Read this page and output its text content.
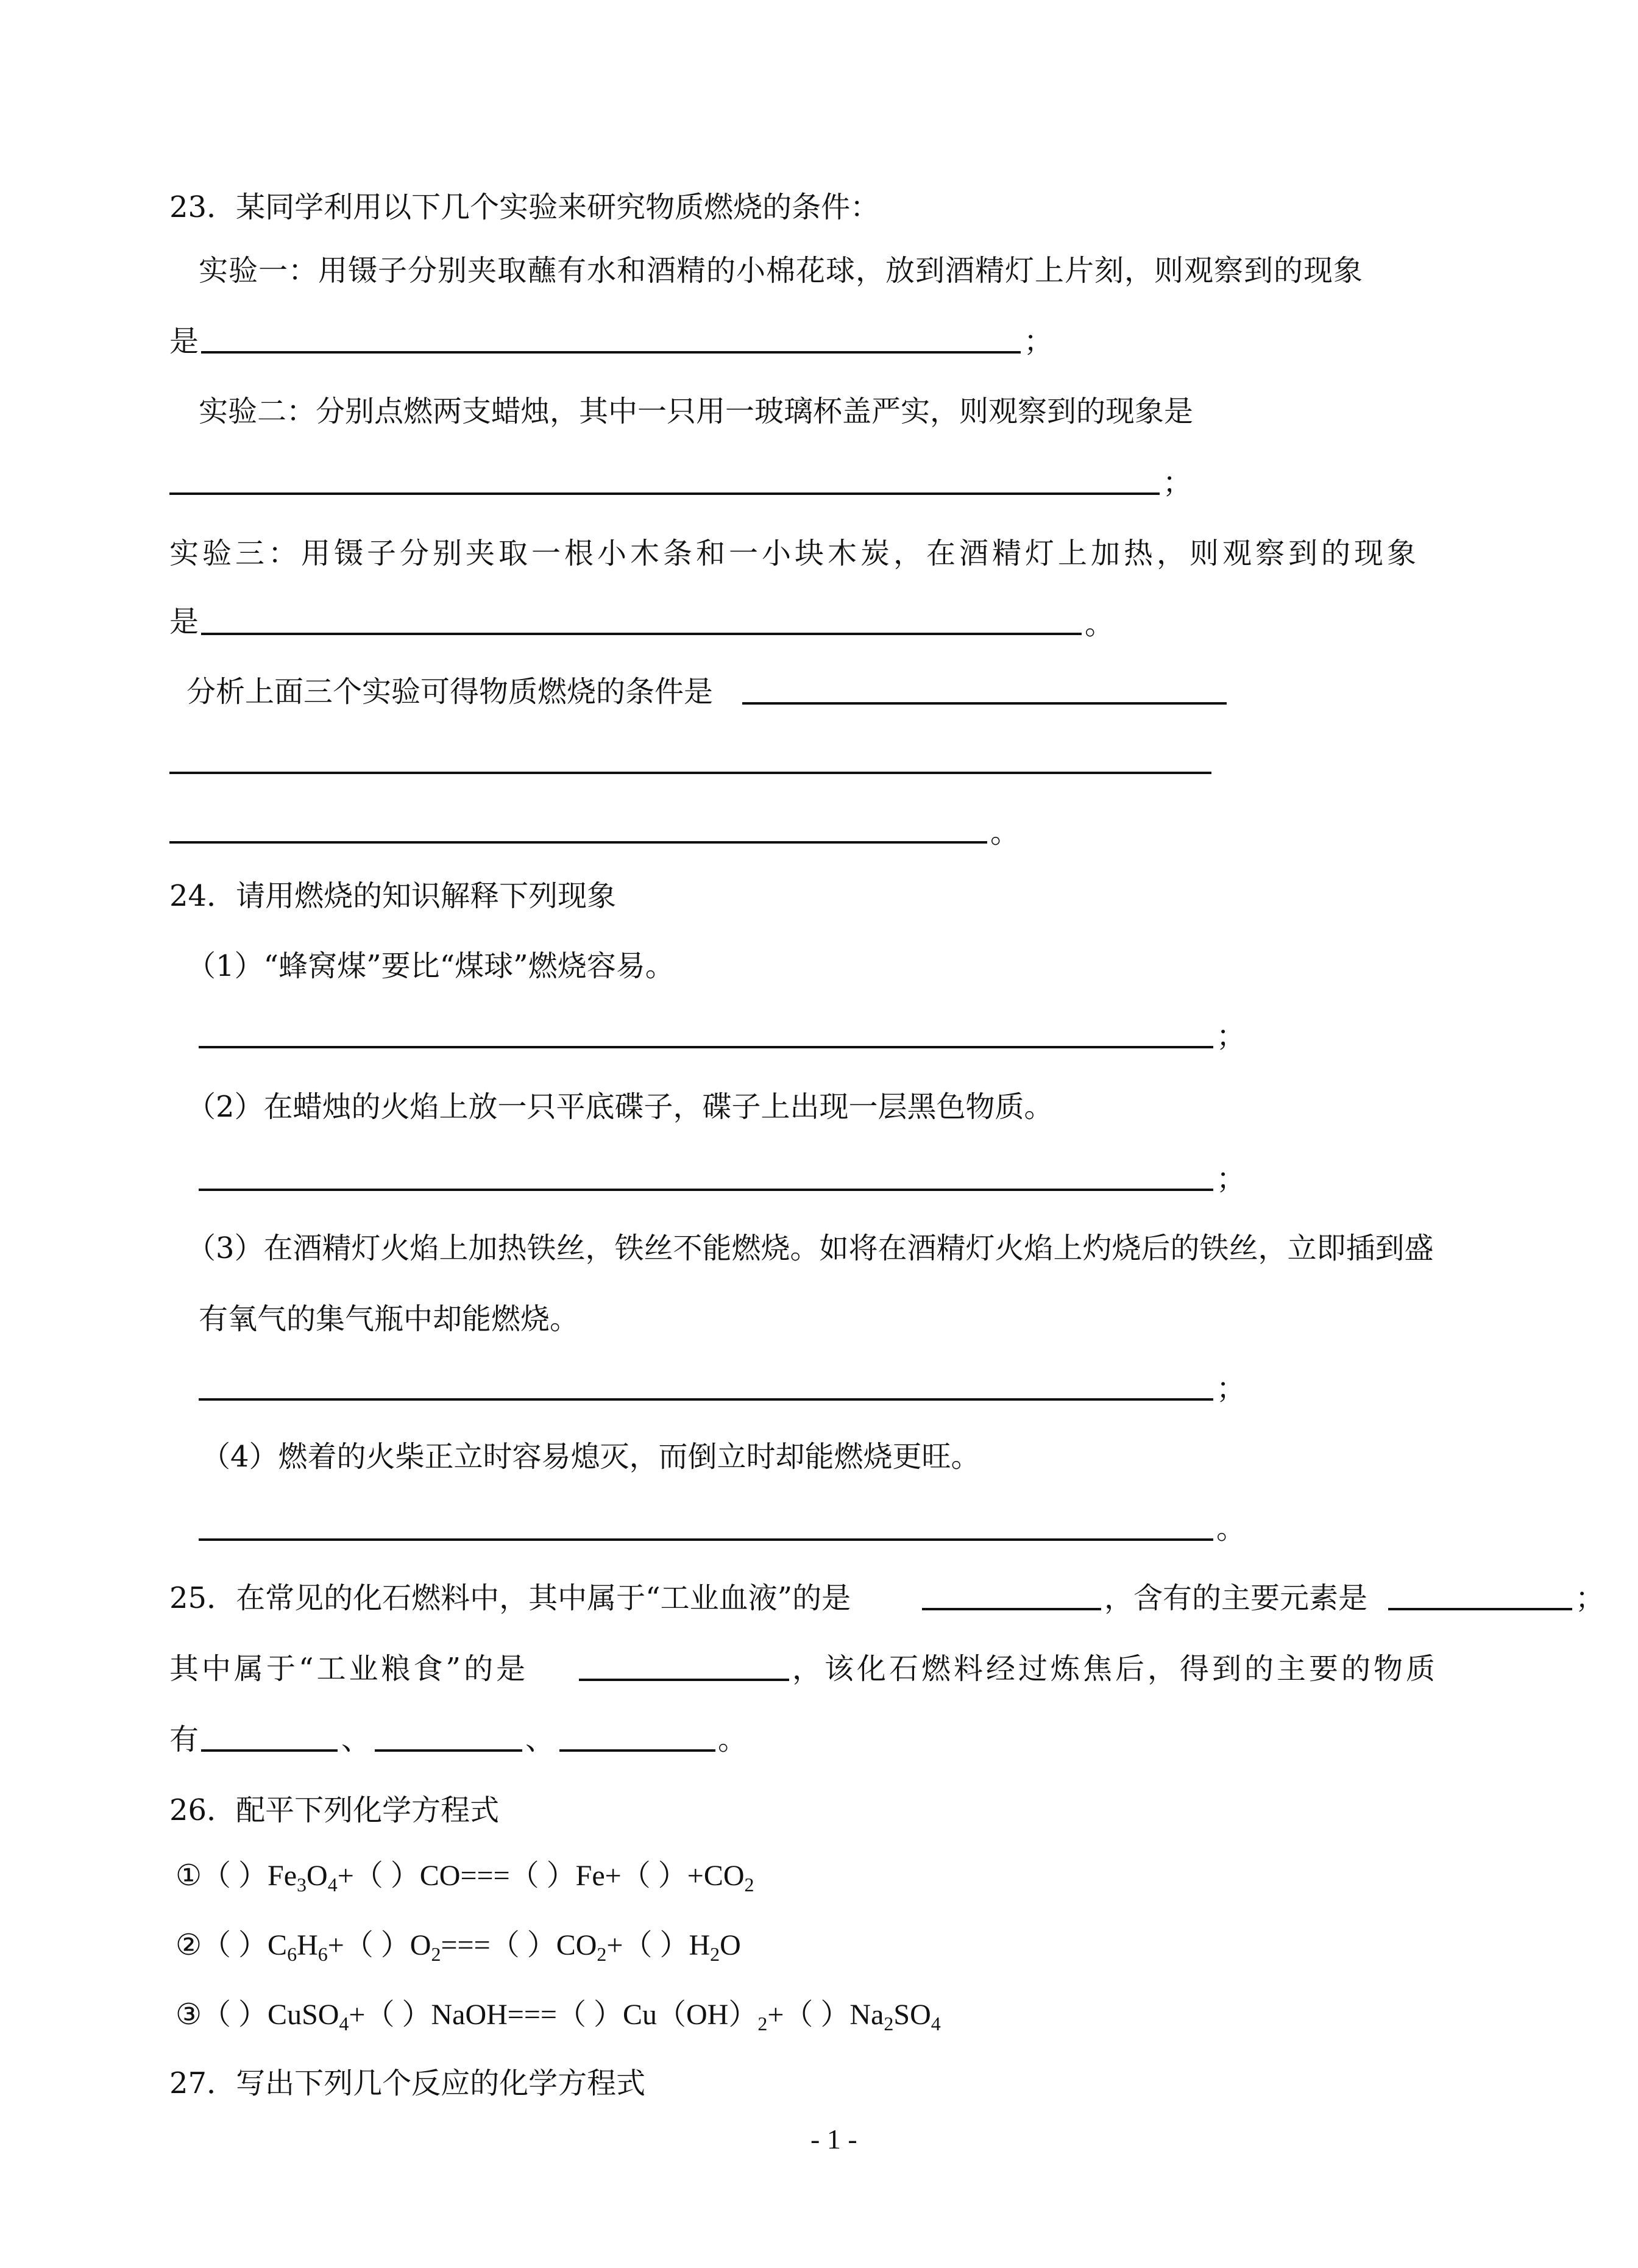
23．某同学利用以下几个实验来研究物质燃烧的条件：
实验一：用镊子分别夹取蘸有水和酒精的小棉花球，放到酒精灯上片刻，则观察到的现象
是	；
实验二：分别点燃两支蜡烛，其中一只用一玻璃杯盖严实，则观察到的现象是
；
实验三：用镊子分别夹取一根小木条和一小块木炭，在酒精灯上加热，则观察到的现象
是	。
分析上面三个实验可得物质燃烧的条件是
。
24．请用燃烧的知识解释下列现象
（1）“蜂窝煤”要比“煤球”燃烧容易。
；
（2）在蜡烛的火焰上放一只平底碟子，碟子上出现一层黑色物质。
；
（3）在酒精灯火焰上加热铁丝，铁丝不能燃烧。如将在酒精灯火焰上灼烧后的铁丝，立即插到盛
有氧气的集气瓶中却能燃烧。
；
（4）燃着的火柴正立时容易熄灭，而倒立时却能燃烧更旺。
。
25．在常见的化石燃料中，其中属于“工业血液”的是	，含有的主要元素是	；
其中属于“工业粮食”的是	，该化石燃料经过炼焦后，得到的主要的物质
有	、	、	。
26．配平下列化学方程式
①（ ）$Fe_3O_4+$（ ）CO===（ ）Fe+（ ）$+CO_2$
②（ ）$C_6H_6+$（ ）$O_2===$（ ）$CO_2+$（ ）$H_2O$
③（ ）CuSO$_4$+（ ）NaOH===（ ）$Cu(OH)_2+$（ ）$Na_2SO_4$
27．写出下列几个反应的化学方程式
- 1 -
